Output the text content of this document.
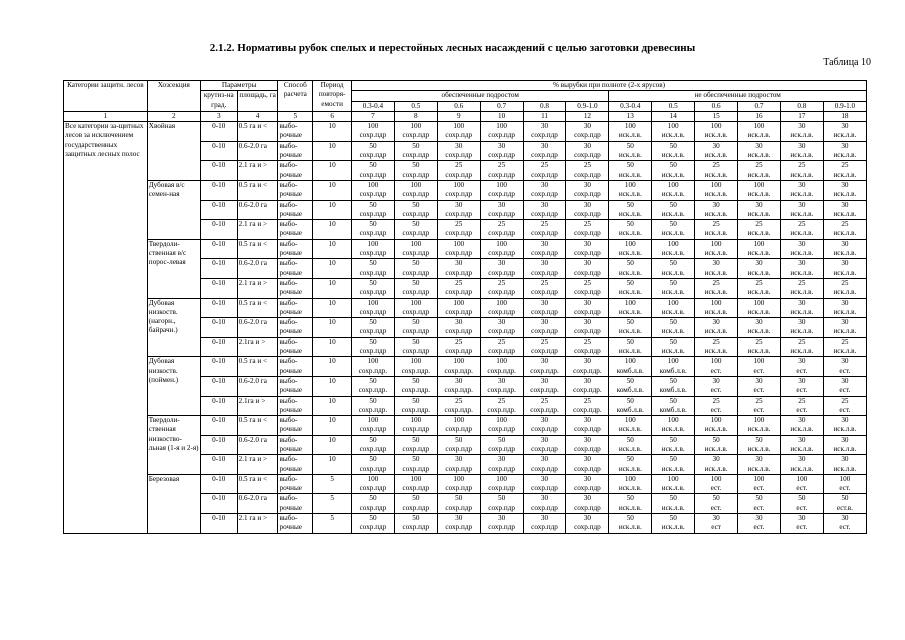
2.1.2. Нормативы рубок спелых и перестойных лесных насаждений с целью заготовки древесины
Таблица 10
Категории защитн. лесов	Хозсекция	Параметры		Способ расчета	Период повторя-емости	% вырубки при полноте (2-х ярусов)											
		крутиз-на град.	площадь, га			обеспеченные подростом						не обеспеченные подростом					
						0.3-0.4	0.5	0.6	0.7	0.8	0.9-1.0	0.3-0.4	0.5	0.6	0.7	0.8	0.9-1.0
1	2	3	4	5	6	7	8	9	10	11	12	13	14	15	16	17	18
Все категории за-щитных лесов за исключением государственных защитных лесных полос	Хвойная	0-10	0.5 га и <	выбо-	10	100	100	100	100	30	30	100	100	100	100	30	30
				рочные		сохр.пдр	сохр.пдр	сохр.пдр	сохр.пдр	сохр.пдр	сохр.пдр	иск.л.в.	иск.л.в.	иск.л.в.	иск.л.в.	иск.л.в.	иск.л.в.
		0-10	0.6-2.0 га	выбо-	10	50	50	30	30	30	30	50	50	30	30	30	30
				рочные		сохр.пдр	сохр.пдр	сохр.пдр	сохр.пдр	сохр.пдр	сохр.пдр	иск.л.в.	иск.л.в.	иск.л.в.	иск.л.в.	иск.л.в.	иск.л.в.
		0-10	2.1 га и >	выбо-	10	50	50	25	25	25	25	50	50	25	25	25	25
				рочные		сохр.пдр	сохр.пдр	сохр.пдр	сохр.пдр	сохр.пдр	сохр.пдр	иск.л.в.	иск.л.в.	иск.л.в.	иск.л.в.	иск.л.в.	иск.л.в.
	Дубовая в/с семен-ная	0-10	0.5 га и <	выбо-	10	100	100	100	100	30	30	100	100	100	100	30	30
				рочные		сохр.пдр	сохр.пдр	сохр.пдр	сохр.пдр	сохр.пдр	сохр.пдр	иск.л.в.	иск.л.в.	иск.л.в.	иск.л.в.	иск.л.в.	иск.л.в.
		0-10	0.6-2.0 га	выбо-	10	50	50	30	30	30	30	50	50	30	30	30	30
				рочные		сохр.пдр	сохр.пдр	сохр.пдр	сохр.пдр	сохр.пдр	сохр.пдр	иск.л.в.	иск.л.в.	иск.л.в.	иск.л.в.	иск.л.в.	иск.л.в.
		0-10	2.1 га и >	выбо-	10	50	50	25	25	25	25	50	50	25	25	25	25
				рочные		сохр.пдр	сохр.пдр	сохр.пдр	сохр.пдр	сохр.пдр	сохр.пдр	иск.л.в.	иск.л.в.	иск.л.в.	иск.л.в.	иск.л.в.	иск.л.в.
	Твердоли-ственная в/с порос-левая	0-10	0.5 га и <	выбо-	10	100	100	100	100	30	30	100	100	100	100	30	30
				рочные		сохр.пдр	сохр.пдр	сохр.пдр	сохр.пдр	сохр.пдр	сохр.пдр	иск.л.в.	иск.л.в.	иск.л.в.	иск.л.в.	иск.л.в.	иск.л.в.
		0-10	0.6-2.0 га	выбо-	10	50	50	30	30	30	30	50	50	30	30	30	30
				рочные		сохр.пдр	сохр.пдр	сохр.пдр	сохр.пдр	сохр.пдр	сохр.пдр	иск.л.в.	иск.л.в.	иск.л.в.	иск.л.в.	иск.л.в.	иск.л.в.
		0-10	2.1 га и >	выбо-	10	50	50	25	25	25	25	50	50	25	25	25	25
				рочные		сохр.пдр	сохр.пдр	сохр.пдр	сохр.пдр	сохр.пдр	сохр.пдр	иск.л.в.	иск.л.в.	иск.л.в.	иск.л.в.	иск.л.в.	иск.л.в.
	Дубовая низкоств. (нагорн., байрачн.)	0-10	0.5 га и <	выбо-	10	100	100	100	100	30	30	100	100	100	100	30	30
				рочные		сохр.пдр	сохр.пдр	сохр.пдр	сохр.пдр	сохр.пдр	сохр.пдр	иск.л.в.	иск.л.в.	иск.л.в.	иск.л.в.	иск.л.в.	иск.л.в.
		0-10	0.6-2.0 га	выбо-	10	50	50	30	30	30	30	50	50	30	30	30	30
				рочные		сохр.пдр	сохр.пдр	сохр.пдр	сохр.пдр	сохр.пдр	сохр.пдр	иск.л.в.	иск.л.в.	иск.л.в.	иск.л.в.	иск.л.в.	иск.л.в.
		0-10	2.1га и >	выбо-	10	50	50	25	25	25	25	50	50	25	25	25	25
				рочные		сохр.пдр	сохр.пдр	сохр.пдр	сохр.пдр	сохр.пдр	сохр.пдр	иск.л.в.	иск.л.в.	иск.л.в.	иск.л.в.	иск.л.в.	иск.л.в.
	Дубовая низкоств. (поймен.)	0-10	0.5 га и <	выбо-	10	100	100	100	100	30	30	100	100	100	100	30	30
				рочные		сохр.пдр.	сохр.пдр.	сохр.пдр.	сохр.пдр.	сохр.пдр.	сохр.пдр.	комб.л.в.	комб.л.в.	ест.	ест.	ест.	ест.
		0-10	0.6-2.0 га	выбо-	10	50	50	30	30	30	30	50	50	30	30	30	30
				рочные		сохр.пдр.	сохр.пдр.	сохр.пдр.	сохр.пдр.	сохр.пдр.	сохр.пдр.	комб.л.в.	комб.л.в.	ест.	ест.	ест.	ест.
		0-10	2.1га и >	выбо-	10	50	50	25	25	25	25	50	50	25	25	25	25
				рочные		сохр.пдр.	сохр.пдр.	сохр.пдр.	сохр.пдр.	сохр.пдр.	сохр.пдр.	комб.л.в.	комб.л.в.	ест.	ест.	ест.	ест.
	Твердоли-ственная низкоство-льная (1-я и 2-я)	0-10	0.5 га и <	выбо-	10	100	100	100	100	30	30	100	100	100	100	30	30
				рочные		сохр.пдр	сохр.пдр	сохр.пдр	сохр.пдр	сохр.пдр	сохр.пдр	иск.л.в.	иск.л.в.	иск.л.в.	иск.л.в.	иск.л.в.	иск.л.в.
		0-10	0.6-2.0 га	выбо-	10	50	50	50	50	30	30	50	50	50	50	30	30
				рочные		сохр.пдр	сохр.пдр	сохр.пдр	сохр.пдр	сохр.пдр	сохр.пдр	иск.л.в.	иск.л.в.	иск.л.в.	иск.л.в.	иск.л.в.	иск.л.в.
		0-10	2.1 га и >	выбо-	10	50	50	30	30	30	30	50	50	30	30	30	30
				рочные		сохр.пдр	сохр.пдр	сохр.пдр	сохр.пдр	сохр.пдр	сохр.пдр	иск.л.в.	иск.л.в.	иск.л.в.	иск.л.в.	иск.л.в.	иск.л.в.
	Березовая	0-10	0.5 га и <	выбо-	5	100	100	100	100	30	30	100	100	100	100	100	100
				рочные		сохр.пдр	сохр.пдр	сохр.пдр	сохр.пдр	сохр.пдр	сохр.пдр	иск.л.в.	иск.л.в.	ест.	ест.	ест.	ест.
		0-10	0.6-2.0 га	выбо-	5	50	50	50	50	30	30	50	50	50	50	50	50
				рочные		сохр.пдр	сохр.пдр	сохр.пдр	сохр.пдр	сохр.пдр	сохр.пдр	иск.л.в.	иск.л.в.	ест.	ест.	ест.	ест.в.
		0-10	2.1 га и >	выбо-	5	50	50	30	30	30	30	50	50	30	30	30	30
				рочные		сохр.пдр	сохр.пдр	сохр.пдр	сохр.пдр	сохр.пдр	сохр.пдр	иск.л.в.	иск.л.в.	ест	ест.	ест.	ест.
